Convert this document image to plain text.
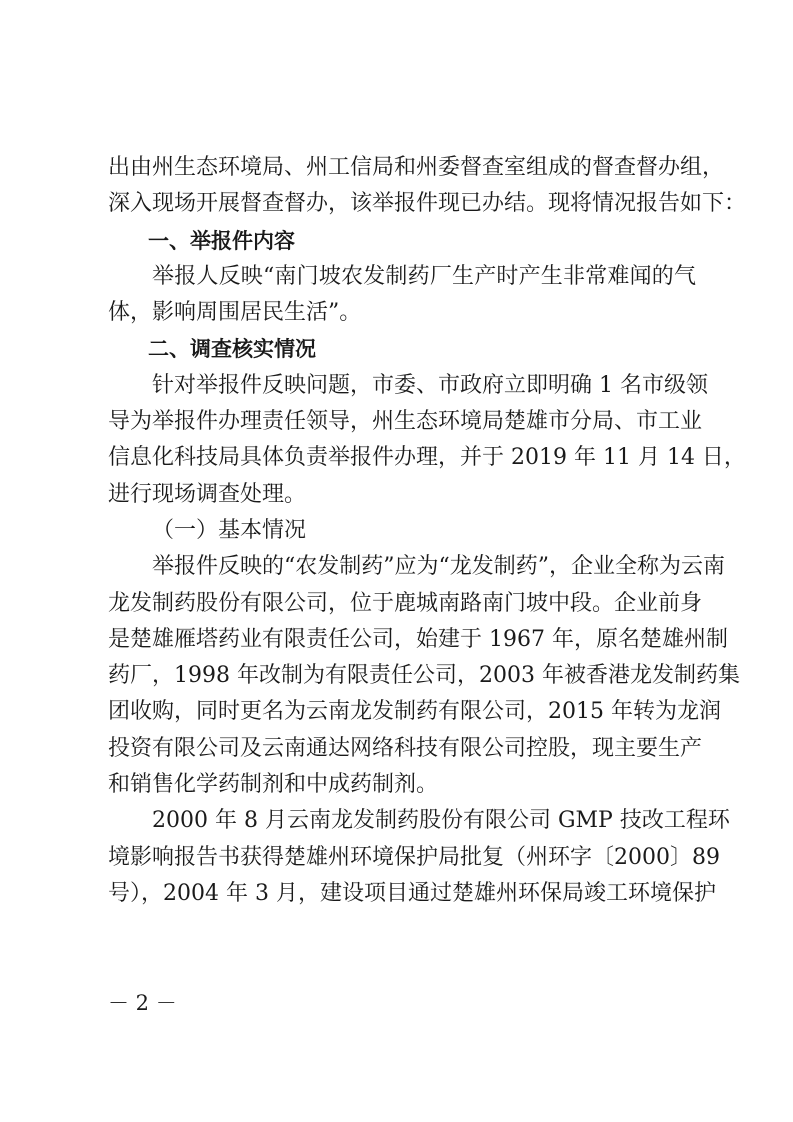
出由州生态环境局、州工信局和州委督查室组成的督查督办组，
深入现场开展督查督办，该举报件现已办结。现将情况报告如下：
一、举报件内容
举报人反映“南门坡农发制药厂生产时产生非常难闻的气
体，影响周围居民生活”。
二、调查核实情况
针对举报件反映问题，市委、市政府立即明确 1 名市级领
导为举报件办理责任领导，州生态环境局楚雄市分局、市工业
信息化科技局具体负责举报件办理，并于 2019 年 11 月 14 日，
进行现场调查处理。
（一）基本情况
举报件反映的“农发制药”应为“龙发制药”，企业全称为云南
龙发制药股份有限公司，位于鹿城南路南门坡中段。企业前身
是楚雄雁塔药业有限责任公司，始建于 1967 年，原名楚雄州制
药厂，1998 年改制为有限责任公司，2003 年被香港龙发制药集
团收购，同时更名为云南龙发制药有限公司，2015 年转为龙润
投资有限公司及云南通达网络科技有限公司控股，现主要生产
和销售化学药制剂和中成药制剂。
2000 年 8 月云南龙发制药股份有限公司 GMP 技改工程环
境影响报告书获得楚雄州环境保护局批复（州环字〔2000〕89
号），2004 年 3 月，建设项目通过楚雄州环保局竣工环境保护
－ 2 －
